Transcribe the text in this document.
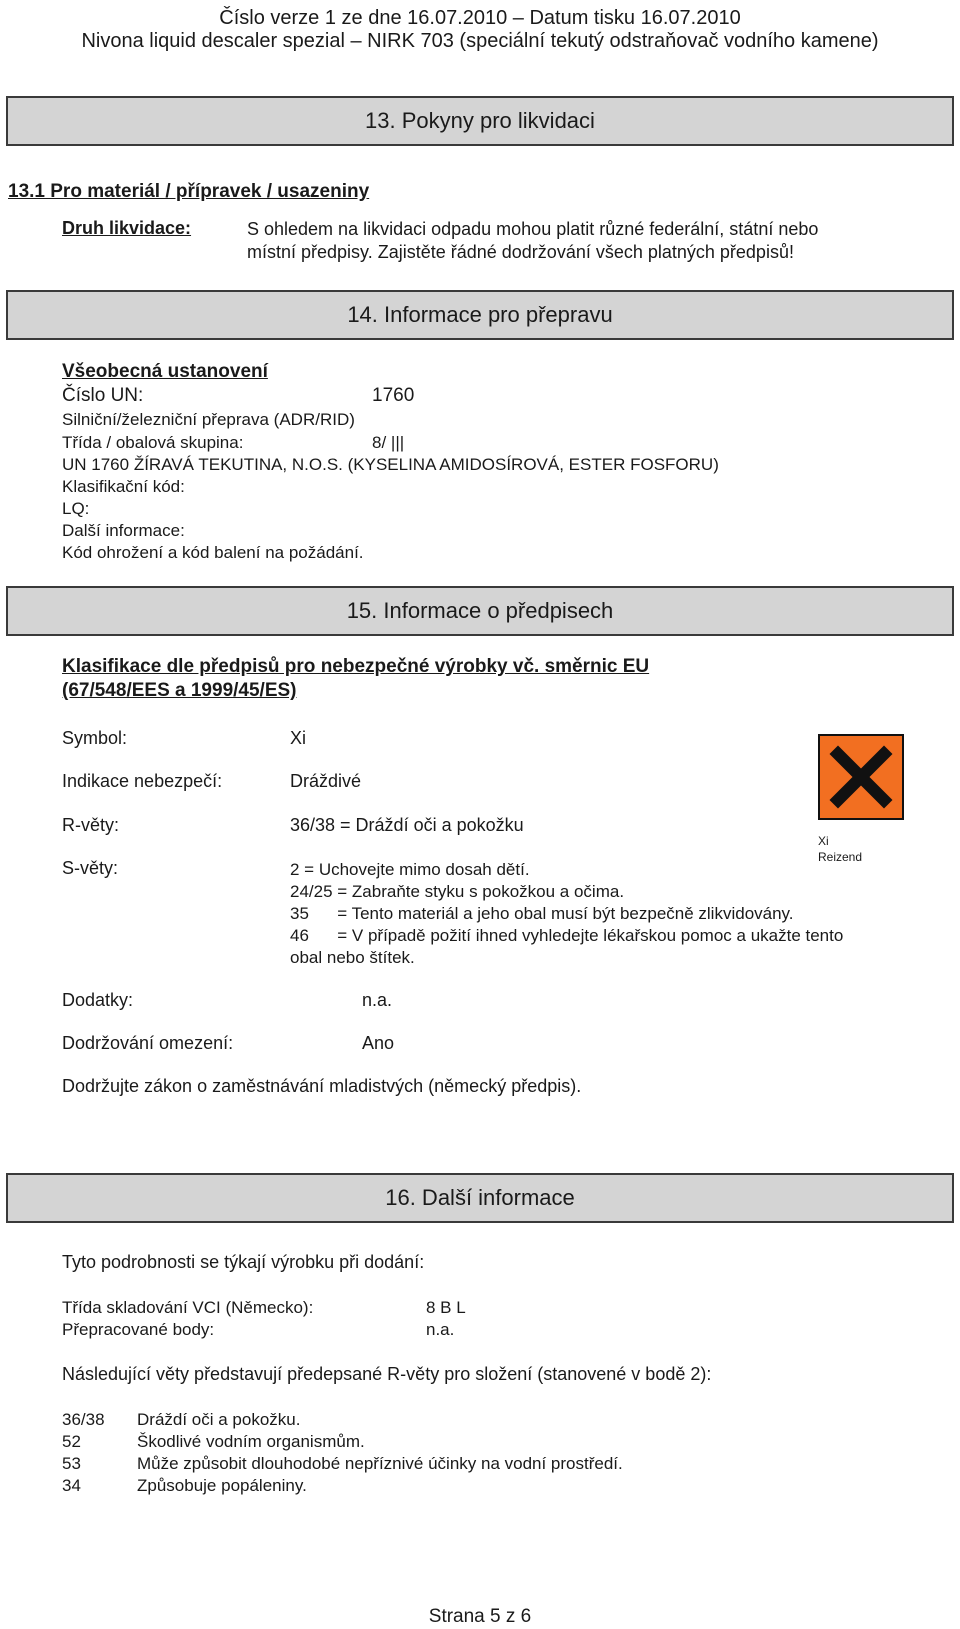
Číslo verze 1 ze dne 16.07.2010 – Datum tisku 16.07.2010
Nivona liquid descaler spezial – NIRK 703 (speciální tekutý odstraňovač vodního kamene)
13. Pokyny pro likvidaci
13.1 Pro materiál / přípravek / usazeniny
Druh likvidace:	S ohledem na likvidaci odpadu mohou platit různé federální, státní nebo
místní předpisy. Zajistěte řádné dodržování všech platných předpisů!
14. Informace pro přepravu
Všeobecná ustanovení
Číslo UN:	1760
Silniční/železniční přeprava (ADR/RID)
Třída / obalová skupina:	8/ |||
UN 1760 ŽÍRAVÁ TEKUTINA, N.O.S. (KYSELINA AMIDOSÍROVÁ, ESTER FOSFORU)
Klasifikační kód:
LQ:
Další informace:
Kód ohrožení a kód balení na požádání.
15. Informace o předpisech
Klasifikace dle předpisů pro nebezpečné výrobky vč. směrnic EU
(67/548/EES a 1999/45/ES)
Symbol:	Xi
Indikace nebezpečí:	Dráždivé
R-věty:	36/38 = Dráždí oči a pokožku
S-věty:	2 = Uchovejte mimo dosah dětí.
24/25 = Zabraňte styku s pokožkou a očima.
35      = Tento materiál a jeho obal musí být bezpečně zlikvidovány.
46      = V případě požití ihned vyhledejte lékařskou pomoc a ukažte tento
obal nebo štítek.
Dodatky:	n.a.
Dodržování omezení:	Ano
Dodržujte zákon o zaměstnávání mladistvých (německý předpis).
Xi
Reizend
16. Další informace
Tyto podrobnosti se týkají výrobku při dodání:
Třída skladování VCI (Německo):	8 B L
Přepracované body:	n.a.
Následující věty představují předepsané R-věty pro složení (stanovené v bodě 2):
36/38 Dráždí oči a pokožku.
52	Škodlivé vodním organismům.
53	Může způsobit dlouhodobé nepříznivé účinky na vodní prostředí.
34	Způsobuje popáleniny.
Strana 5 z 6
